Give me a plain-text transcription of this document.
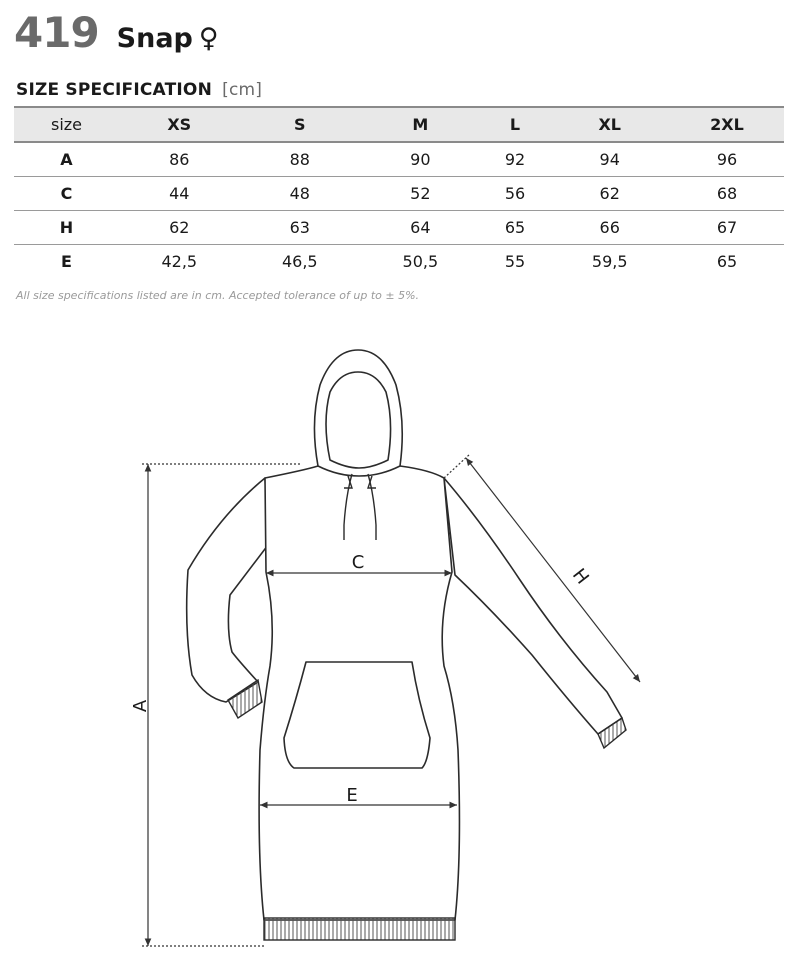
419 Snap ♀
SIZE SPECIFICATION [cm]
size	XS	S	M	L	XL	2XL
A	86	88	90	92	94	96
C	44	48	52	56	62	68
H	62	63	64	65	66	67
E	42,5	46,5	50,5	55	59,5	65
All size specifications listed are in cm. Accepted tolerance of up to ± 5%.
A
C
E
H
